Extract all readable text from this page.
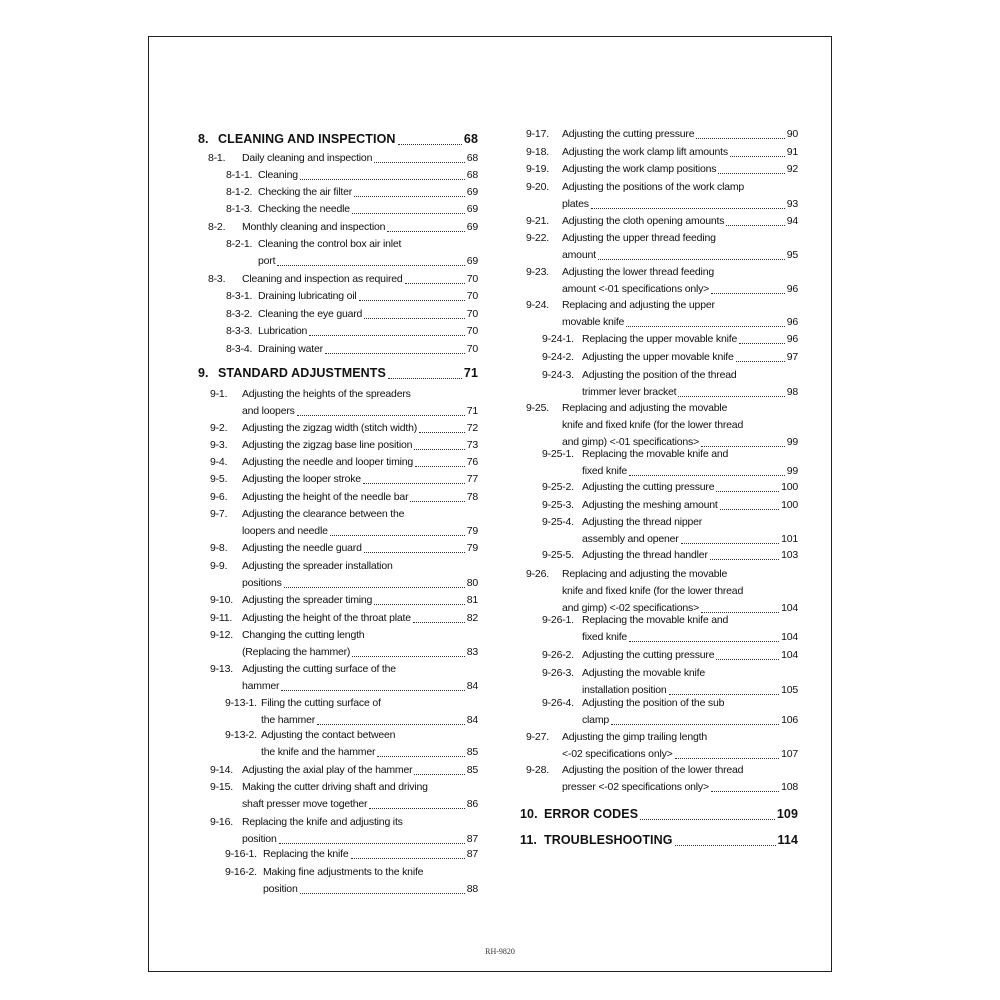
8. CLEANING AND INSPECTION	68
8-1.	Daily cleaning and inspection	68
8-1-1. Cleaning	68
8-1-2. Checking the air filter	69
8-1-3. Checking the needle	69
8-2.	Monthly cleaning and inspection	69
8-2-1. Cleaning the control box air inlet
port	69
8-3.	Cleaning and inspection as required	70
8-3-1. Draining lubricating oil	70
8-3-2. Cleaning the eye guard	70
8-3-3. Lubrication	70
8-3-4. Draining water	70
9. STANDARD ADJUSTMENTS	71
9-1.	Adjusting the heights of the spreaders
and loopers	71
9-2.	Adjusting the zigzag width (stitch width)	72
9-3.	Adjusting the zigzag base line position	73
9-4.	Adjusting the needle and looper timing	76
9-5.	Adjusting the looper stroke	77
9-6.	Adjusting the height of the needle bar	78
9-7.	Adjusting the clearance between the
loopers and needle	79
9-8.	Adjusting the needle guard	79
9-9.	Adjusting the spreader installation
positions	80
9-10. Adjusting the spreader timing	81
9-11. Adjusting the height of the throat plate	82
9-12. Changing the cutting length
(Replacing the hammer)	83
9-13. Adjusting the cutting surface of the
hammer	84
9-13-1. Filing the cutting surface of
the hammer	84
9-13-2. Adjusting the contact between
the knife and the hammer	85
9-14. Adjusting the axial play of the hammer	85
9-15. Making the cutter driving shaft and driving
shaft presser move together	86
9-16. Replacing the knife and adjusting its
position	87
9-16-1. Replacing the knife	87
9-16-2. Making fine adjustments to the knife
position	88
9-17.	Adjusting the cutting pressure	90
9-18.	Adjusting the work clamp lift amounts	91
9-19.	Adjusting the work clamp positions	92
9-20.	Adjusting the positions of the work clamp
plates	93
9-21.	Adjusting the cloth opening amounts	94
9-22.	Adjusting the upper thread feeding
amount	95
9-23.	Adjusting the lower thread feeding
amount <-01 specifications only>	96
9-24.	Replacing and adjusting the upper
movable knife	96
9-24-1. Replacing the upper movable knife	96
9-24-2. Adjusting the upper movable knife	97
9-24-3. Adjusting the position of the thread
trimmer lever bracket	98
9-25.	Replacing and adjusting the movable
knife and fixed knife (for the lower thread
and gimp) <-01 specifications>	99
9-25-1. Replacing the movable knife and
fixed knife	99
9-25-2. Adjusting the cutting pressure	100
9-25-3. Adjusting the meshing amount	100
9-25-4. Adjusting the thread nipper
assembly and opener	101
9-25-5. Adjusting the thread handler	103
9-26.	Replacing and adjusting the movable
knife and fixed knife (for the lower thread
and gimp) <-02 specifications>	104
9-26-1. Replacing the movable knife and
fixed knife	104
9-26-2. Adjusting the cutting pressure	104
9-26-3. Adjusting the movable knife
installation position	105
9-26-4. Adjusting the position of the sub
clamp	106
9-27.	Adjusting the gimp trailing length
<-02 specifications only>	107
9-28.	Adjusting the position of the lower thread
presser <-02 specifications only>	108
10. ERROR CODES	109
11. TROUBLESHOOTING	114
RH-9820
